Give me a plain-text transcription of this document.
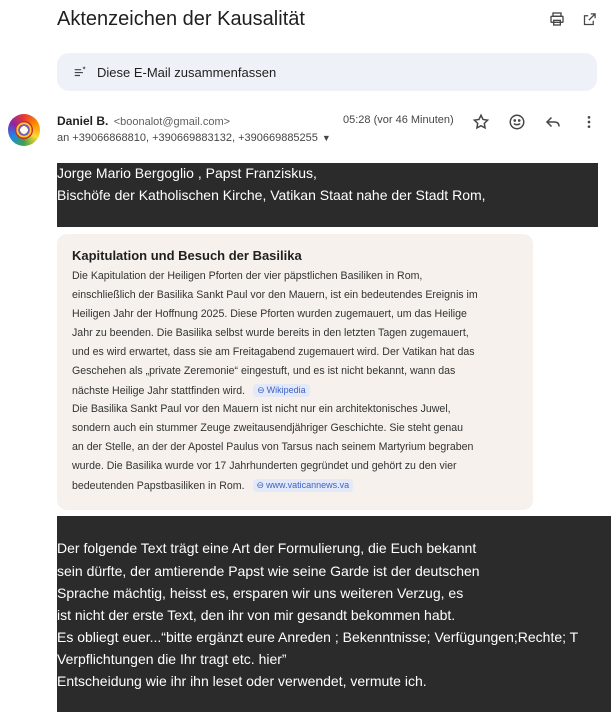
Aktenzeichen der Kausalität
Diese E-Mail zusammenfassen
Daniel B. <boonalot@gmail.com>
an +39066868810, +390669883132, +390669885255 ▼
05:28 (vor 46 Minuten)
Jorge Mario Bergoglio , Papst Franziskus,
Bischöfe der Katholischen Kirche, Vatikan Staat nahe der Stadt Rom,
Kapitulation und Besuch der Basilika
Die Kapitulation der Heiligen Pforten der vier päpstlichen Basiliken in Rom,
einschließlich der Basilika Sankt Paul vor den Mauern, ist ein bedeutendes Ereignis im
Heiligen Jahr der Hoffnung 2025. Diese Pforten wurden zugemauert, um das Heilige
Jahr zu beenden. Die Basilika selbst wurde bereits in den letzten Tagen zugemauert,
und es wird erwartet, dass sie am Freitagabend zugemauert wird. Der Vatikan hat das
Geschehen als „private Zeremonie“ eingestuft, und es ist nicht bekannt, wann das
nächste Heilige Jahr stattfinden wird. ⊖ Wikipedia
Die Basilika Sankt Paul vor den Mauern ist nicht nur ein architektonisches Juwel,
sondern auch ein stummer Zeuge zweitausendjähriger Geschichte. Sie steht genau
an der Stelle, an der der Apostel Paulus von Tarsus nach seinem Martyrium begraben
wurde. Die Basilika wurde vor 17 Jahrhunderten gegründet und gehört zu den vier
bedeutenden Papstbasiliken in Rom. ⊖ www.vaticannews.va
Der folgende Text trägt eine Art der Formulierung, die Euch bekannt
sein dürfte, der amtierende Papst wie seine Garde ist der deutschen
Sprache mächtig, heisst es, ersparen wir uns weiteren Verzug, es
ist nicht der erste Text, den ihr von mir gesandt bekommen habt.
Es obliegt euer...“bitte ergänzt eure Anreden ; Bekenntnisse; Verfügungen;Rechte; T
Verpflichtungen die Ihr tragt etc. hier”
Entscheidung wie ihr ihn leset oder verwendet, vermute ich.
